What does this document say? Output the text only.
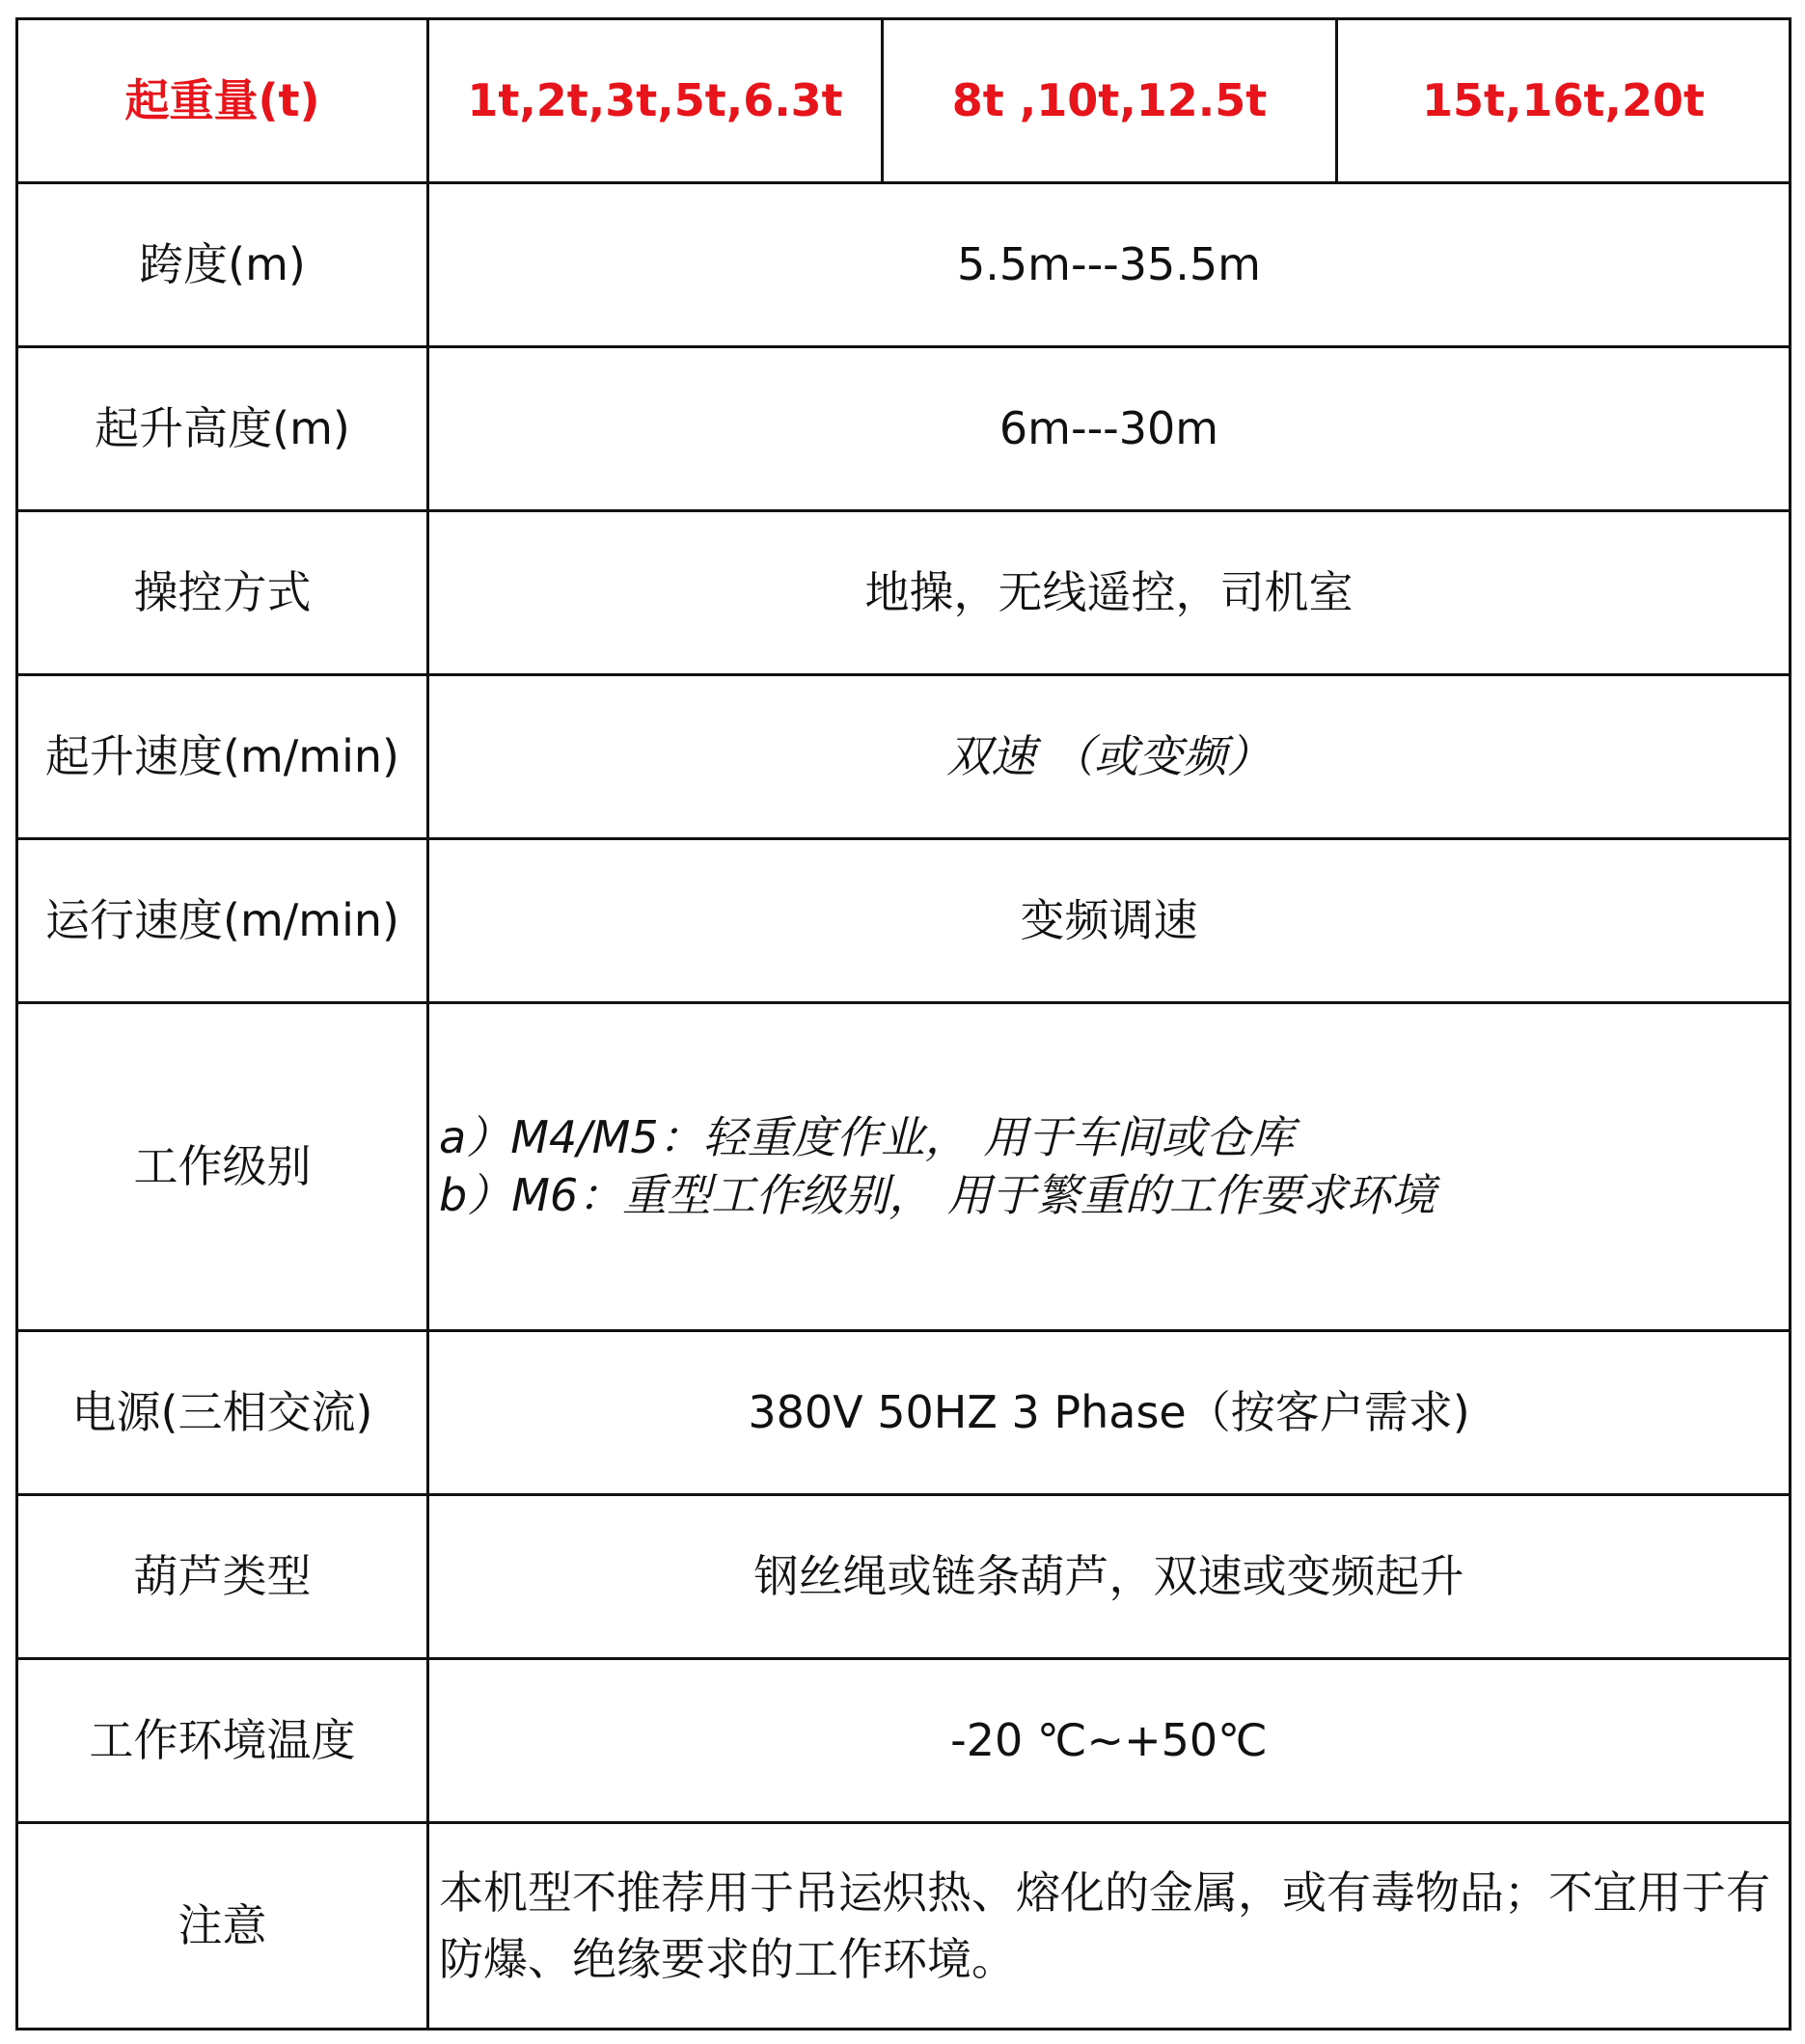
起重量(t)	1t,2t,3t,5t,6.3t	8t ,10t,12.5t	15t,16t,20t
跨度(m)	5.5m---35.5m		
起升高度(m)	6m---30m		
操控方式	地操，无线遥控，司机室		
起升速度(m/min)	双速 （或变频）		
运行速度(m/min)	变频调速		
工作级别	a）M4/M5：轻重度作业， 用于车间或仓库
b）M6：重型工作级别， 用于繁重的工作要求环境		

电源(三相交流)	380V 50HZ 3 Phase（按客户需求)		
葫芦类型	钢丝绳或链条葫芦，双速或变频起升		
工作环境温度	-20 ℃~+50℃		
注意	本机型不推荐用于吊运炽热、熔化的金属，或有毒物品；不宜用于有防爆、绝缘要求的工作环境。		
